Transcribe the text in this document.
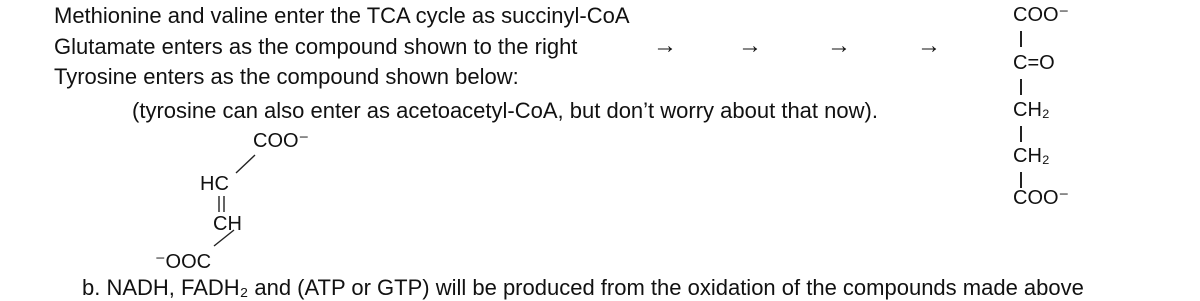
Methionine and valine enter the TCA cycle as succinyl-CoA
Glutamate enters as the compound shown to the right
Tyrosine enters as the compound shown below:
(tyrosine can also enter as acetoacetyl-CoA, but don’t worry about that now).
→	→	→	→
COO⁻
C=O
CH₂
CH₂
COO⁻
COO⁻
HC
CH
⁻OOC
b. NADH, FADH₂ and (ATP or GTP) will be produced from the oxidation of the compounds made above
